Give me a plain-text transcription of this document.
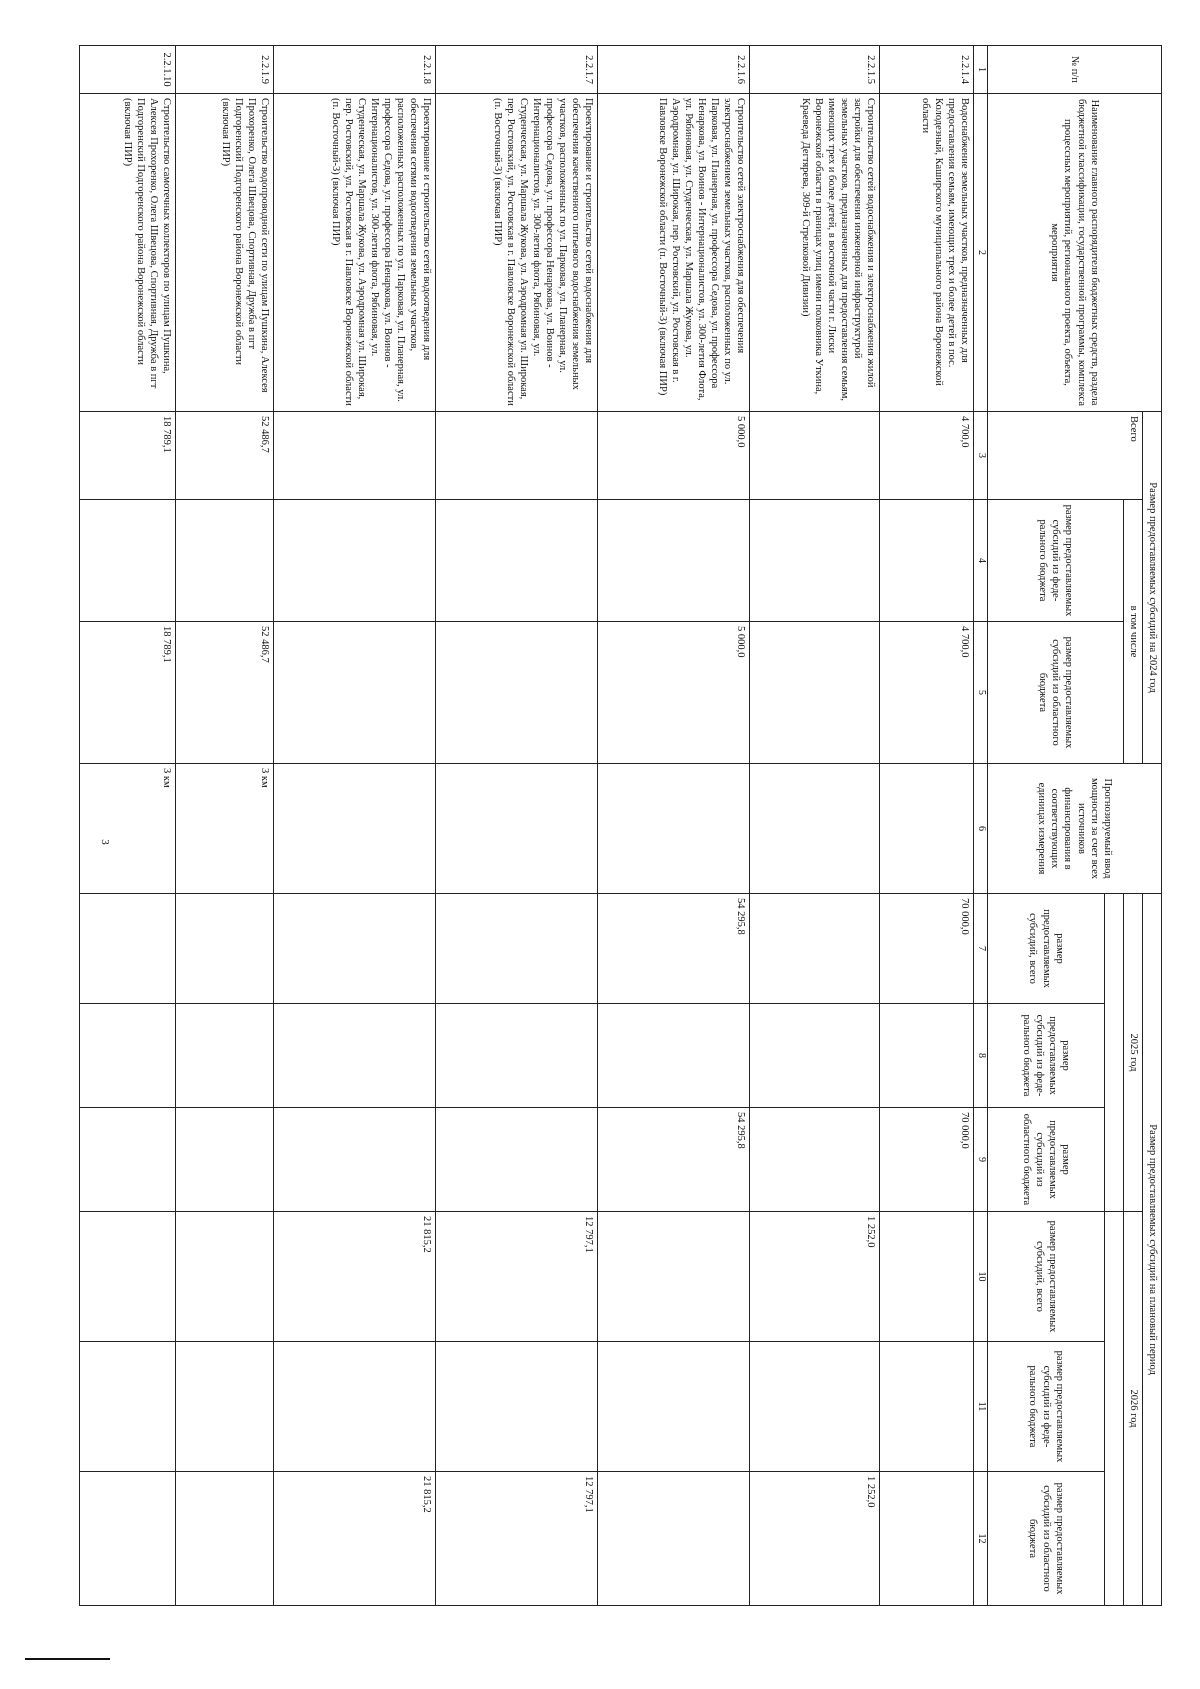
3
№ п/п	Наименование главного распорядителя бюджетных средств, раздела бюджетной классификации, государственной программы, комплекса процессных мероприятий, регионального проекта, объекта, мероприятия	Размер предоставляемых субсидий на 2024 год			Прогнозируемый ввод мощности за счет всех источников финансирования в соответствующих единицах измерения	Размер предоставляемых субсидий на плановый период					
		Всего	в том числе			2025 год			2026 год		
			размер предоставляемых субсидий из феде-рального бюджета	размер предоставляемых субсидий из областного бюджета							
						размер предоставляемых субсидий, всего	размер предоставляемых субсидий из феде-рального бюджета	размер предоставляемых субсидий из областного бюджета	размер предоставляемых субсидий, всего	размер предоставляемых субсидий из феде-рального бюджета	размер предоставляемых субсидий из областного бюджета
1	2	3	4	5	6	7	8	9	10	11	12
2.2.1.4	Водоснабжение земельных участков, предназначенных для предоставления семьям, имеющих трех и более детей в пос. Колодезный, Каширского муниципального района Воронежской области	4 700,0		4 700,0		70 000,0		70 000,0			
2.2.1.5	Строительство сетей водоснабжения и электроснабжения жилой застройки для обеспечения инженерной инфраструктурой земельных участков, предназначенных для предоставления семьям, имеющих трех и более детей, в восточной части г. Лиски Воронежской области в границах улиц имени полковника Уткина, Краеведа Дегтярева, 309-й Стрелковой Дивизии)								1 252,0		1 252,0
2.2.1.6	Строительство сетей электроснабжения для обеспечения электроснабжением земельных участков, расположенных по ул. Парковая, ул. Планерная, ул. профессора Седова, ул. профессора Ненаркова, ул. Воинов - Интернационалистов, ул. 300-летия Флота, ул. Рябиновая, ул. Студенческая, ул. Маршала Жукова, ул. Аэродромная, ул. Широкая, пер. Ростовский, ул. Ростовская в г. Павловске Воронежской области (п. Восточный-3) (включая ПИР)	5 000,0		5 000,0		54 295,8		54 295,8			
2.2.1.7	Проектирование и строительство сетей водоснабжения для обеспечения качественного питьевого водоснабжения земельных участков, расположенных по ул. Парковая, ул. Планерная, ул. профессора Седова, ул. профессора Ненаркова, ул. Воинов - Интернационалистов, ул. 300-летия флота, Рябиновая, ул. Студенческая, ул. Маршала Жукова, ул. Аэродромная ул. Широкая, пер. Ростовский, ул. Ростовская в г. Павловске Воронежской области (п. Восточный-3) (включая ПИР)								12 797,1		12 797,1
2.2.1.8	Проектирование и строительство сетей водоотведения для обеспечения сетями водоотведения земельных участков, расположенных расположенных по ул. Парковая, ул. Планерная, ул. профессора Седова, ул. профессора Ненаркова, ул. Воинов - Интернационалистов, ул. 300-летия флота, Рябиновая, ул. Студенческая, ул. Маршала Жукова, ул. Аэродромная ул. Широкая, пер. Ростовский, ул. Ростовская в г. Павловске Воронежской области (п. Восточный-3) (включая ПИР)								21 815,2		21 815,2
2.2.1.9	Строительство водопроводной сети по улицам Пушкина, Алексея Прохоренко, Олега Швецова, Спортивная, Дружба в пгт Подгоренский Подгоренского района Воронежской области (включая ПИР)	52 486,7		52 486,7	3 км						
2.2.1.10	Строительство самотечных коллекторов по улицам Пушкина, Алексея Прохоренко, Олега Швецова, Спортивная, Дружба в пгт Подгоренский Подгоренского района Воронежской области (включая ПИР)	18 789,1		18 789,1	3 км						
